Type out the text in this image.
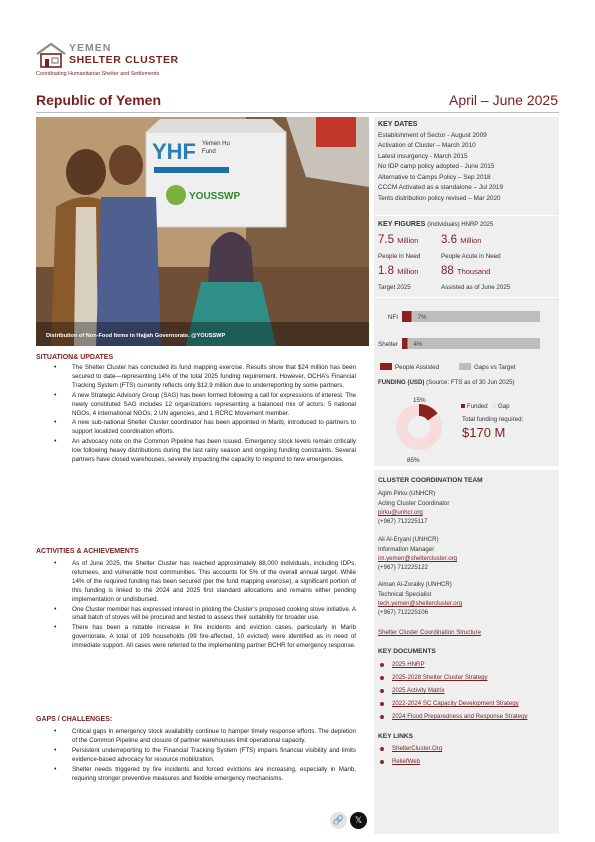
YEMEN
SHELTER CLUSTER
Coordinating Humanitarian Shelter and Settlements
Republic of Yemen	April – June 2025
YHF Yemen Hu
Fund
YOUSSWP
Distribution of Non-Food Items in Hajjah Governorate. @YOUSSWP
KEY DATES
Establishment of Sector - August 2009
Activation of Cluster – March 2010
Latest insurgency - March 2015
No IDP camp policy adopted - June 2015
Alternative to Camps Policy – Sep 2018
CCCM Activated as a standalone – Jul 2019
Tents distribution policy revised – Mar 2020
KEY FIGURES (Individuals) HNRP 2025
7.5 Million
People in Need
3.6 Million
People Acute in Need
1.8 Million
Target 2025
88 Thousand
Assisted as of June 2025
NFI	7%
Shelter	4%
People Assisted	Gaps vs Target
FUNDING (USD) (Source: FTS as of 30 Jun 2025)
15%
85%
Funded Gap
Total funding required:
$170 M
SITUATION& UPDATES
• The Shelter Cluster has concluded its fund mapping exercise. Results show that $24 million has been secured to date—representing 14% of the total 2025 funding requirement. However, OCHA’s Financial Tracking System (FTS) currently reflects only $12.9 million due to underreporting by some partners.
• A new Strategic Advisory Group (SAG) has been formed following a call for expressions of interest. The newly constituted SAG includes 12 organizations representing a balanced mix of actors: 5 national NGOs, 4 international NGOs, 2 UN agencies, and 1 RCRC Movement member.
• A new sub-national Shelter Cluster coordinator has been appointed in Marib, introduced to partners to support localized coordination efforts.
• An advocacy note on the Common Pipeline has been issued. Emergency stock levels remain critically low following heavy distributions during the last rainy season and ongoing funding constraints. Several partners have closed warehouses, severely impacting the capacity to respond to new emergencies.
ACTIVITIES & ACHIEVEMENTS
• As of June 2025, the Shelter Cluster has reached approximately 88,000 individuals, including IDPs, returnees, and vulnerable host communities. This accounts for 5% of the overall annual target. While 14% of the required funding has been secured (per the fund mapping exercise), a significant portion of this funding is linked to the 2024 and 2025 first standard allocations and remains either pending implementation or undisbursed.
• One Cluster member has expressed interest in piloting the Cluster’s proposed cooking stove initiative. A small batch of stoves will be procured and tested to assess their suitability for broader use.
• There has been a notable increase in fire incidents and eviction cases, particularly in Marib governorate. A total of 109 households (99 fire-affected, 10 evicted) were identified as in need of immediate support. All cases were referred to the implementing partner BCHR for emergency response.
GAPS / CHALLENGES:
• Critical gaps in emergency stock availability continue to hamper timely response efforts. The depletion of the Common Pipeline and closure of partner warehouses limit operational capacity.
• Persistent underreporting to the Financial Tracking System (FTS) impairs financial visibility and limits evidence-based advocacy for resource mobilization.
• Shelter needs triggered by fire incidents and forced evictions are increasing, especially in Marib, requiring stronger preventive measures and flexible emergency mechanisms.
CLUSTER COORDINATION TEAM
Agim Pirku (UNHCR)
Acting Cluster Coordinator
pirku@unhcr.org
(+967) 712225117
Ali Al-Eryani (UNHCR)
Information Manager
im.yemen@sheltercluster.org
(+967) 712225122
Aiman Al-Zoraiky (UNHCR)
Technical Specialist
tech.yemen@sheltercluster.org
(+967) 712225106
Shelter Cluster Coordination Structure
KEY DOCUMENTS
2025 HNRP
2025-2028 Shelter Cluster Strategy
2025 Activity Matrix
2022-2024 SC Capacity Development Strategy
2024 Flood Preparedness and Response Strategy
KEY LINKS
ShelterCluster.Org
ReliefWeb
🔗	𝕏
